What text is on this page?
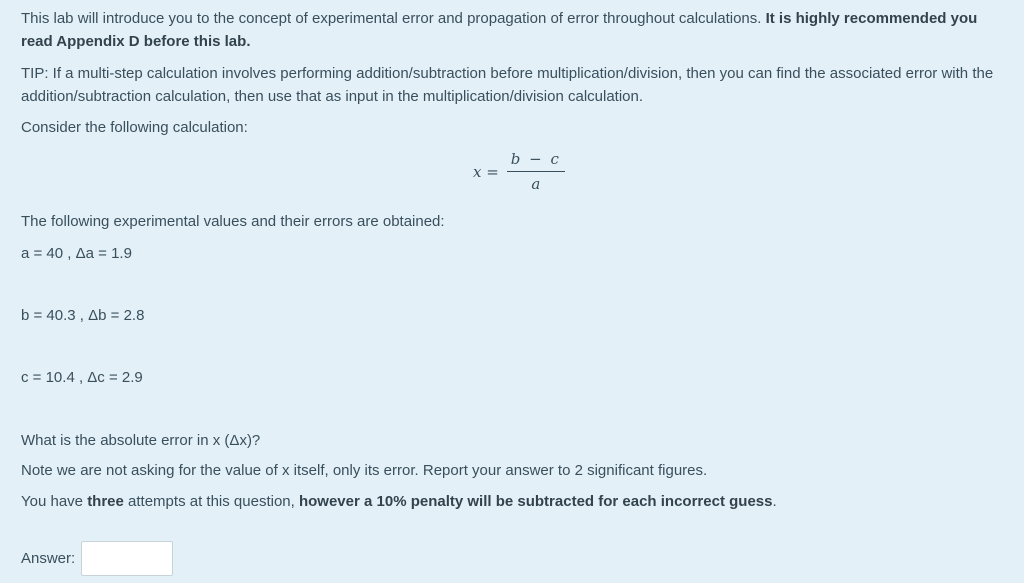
This lab will introduce you to the concept of experimental error and propagation of error throughout calculations. It is highly recommended you read Appendix D before this lab.

TIP: If a multi-step calculation involves performing addition/subtraction before multiplication/division, then you can find the associated error with the addition/subtraction calculation, then use that as input in the multiplication/division calculation.

Consider the following calculation:

$x = \frac{b - c}{a}$

The following experimental values and their errors are obtained:

a = 40 , Δa = 1.9

b = 40.3 , Δb = 2.8

c = 10.4 , Δc = 2.9

What is the absolute error in x (Δx)?

Note we are not asking for the value of x itself, only its error. Report your answer to 2 significant figures.

You have three attempts at this question, however a 10% penalty will be subtracted for each incorrect guess.

Answer:
